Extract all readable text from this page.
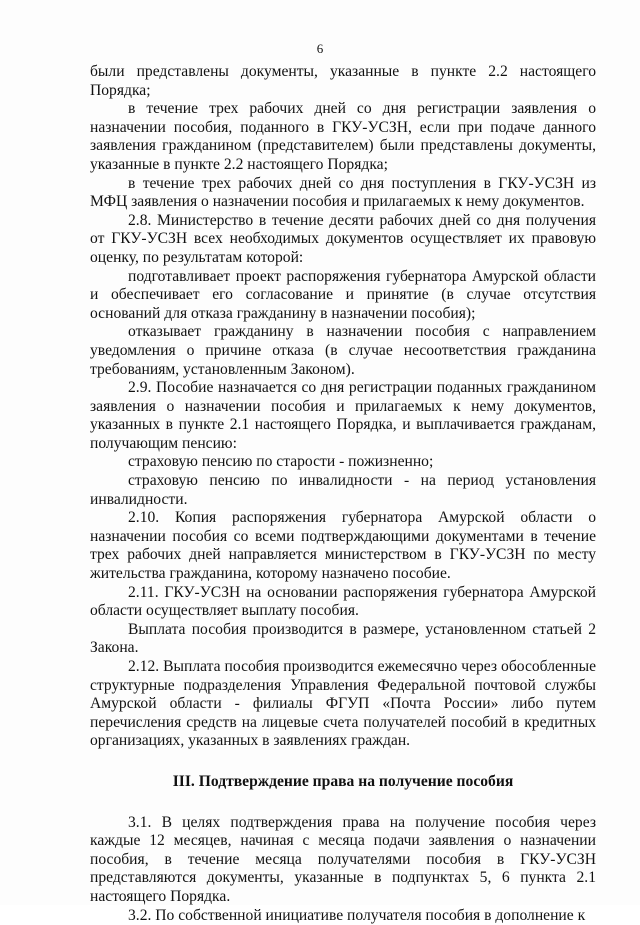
6

были представлены документы, указанные в пункте 2.2 настоящего Порядка;

в течение трех рабочих дней со дня регистрации заявления о назначении пособия, поданного в ГКУ-УСЗН, если при подаче данного заявления гражданином (представителем) были представлены документы, указанные в пункте 2.2 настоящего Порядка;

в течение трех рабочих дней со дня поступления в ГКУ-УСЗН из МФЦ заявления о назначении пособия и прилагаемых к нему документов.

2.8. Министерство в течение десяти рабочих дней со дня получения от ГКУ-УСЗН всех необходимых документов осуществляет их правовую оценку, по результатам которой:

подготавливает проект распоряжения губернатора Амурской области и обеспечивает его согласование и принятие (в случае отсутствия оснований для отказа гражданину в назначении пособия);

отказывает гражданину в назначении пособия с направлением уведомления о причине отказа (в случае несоответствия гражданина требованиям, установленным Законом).

2.9. Пособие назначается со дня регистрации поданных гражданином заявления о назначении пособия и прилагаемых к нему документов, указанных в пункте 2.1 настоящего Порядка, и выплачивается гражданам, получающим пенсию:

страховую пенсию по старости - пожизненно;

страховую пенсию по инвалидности - на период установления инвалидности.

2.10. Копия распоряжения губернатора Амурской области о назначении пособия со всеми подтверждающими документами в течение трех рабочих дней направляется министерством в ГКУ-УСЗН по месту жительства гражданина, которому назначено пособие.

2.11. ГКУ-УСЗН на основании распоряжения губернатора Амурской области осуществляет выплату пособия.

Выплата пособия производится в размере, установленном статьей 2 Закона.

2.12. Выплата пособия производится ежемесячно через обособленные структурные подразделения Управления Федеральной почтовой службы Амурской области - филиалы ФГУП «Почта России» либо путем перечисления средств на лицевые счета получателей пособий в кредитных организациях, указанных в заявлениях граждан.

III. Подтверждение права на получение пособия

3.1. В целях подтверждения права на получение пособия через каждые 12 месяцев, начиная с месяца подачи заявления о назначении пособия, в течение месяца получателями пособия в ГКУ-УСЗН представляются документы, указанные в подпунктах 5, 6 пункта 2.1 настоящего Порядка.

3.2. По собственной инициативе получателя пособия в дополнение к
